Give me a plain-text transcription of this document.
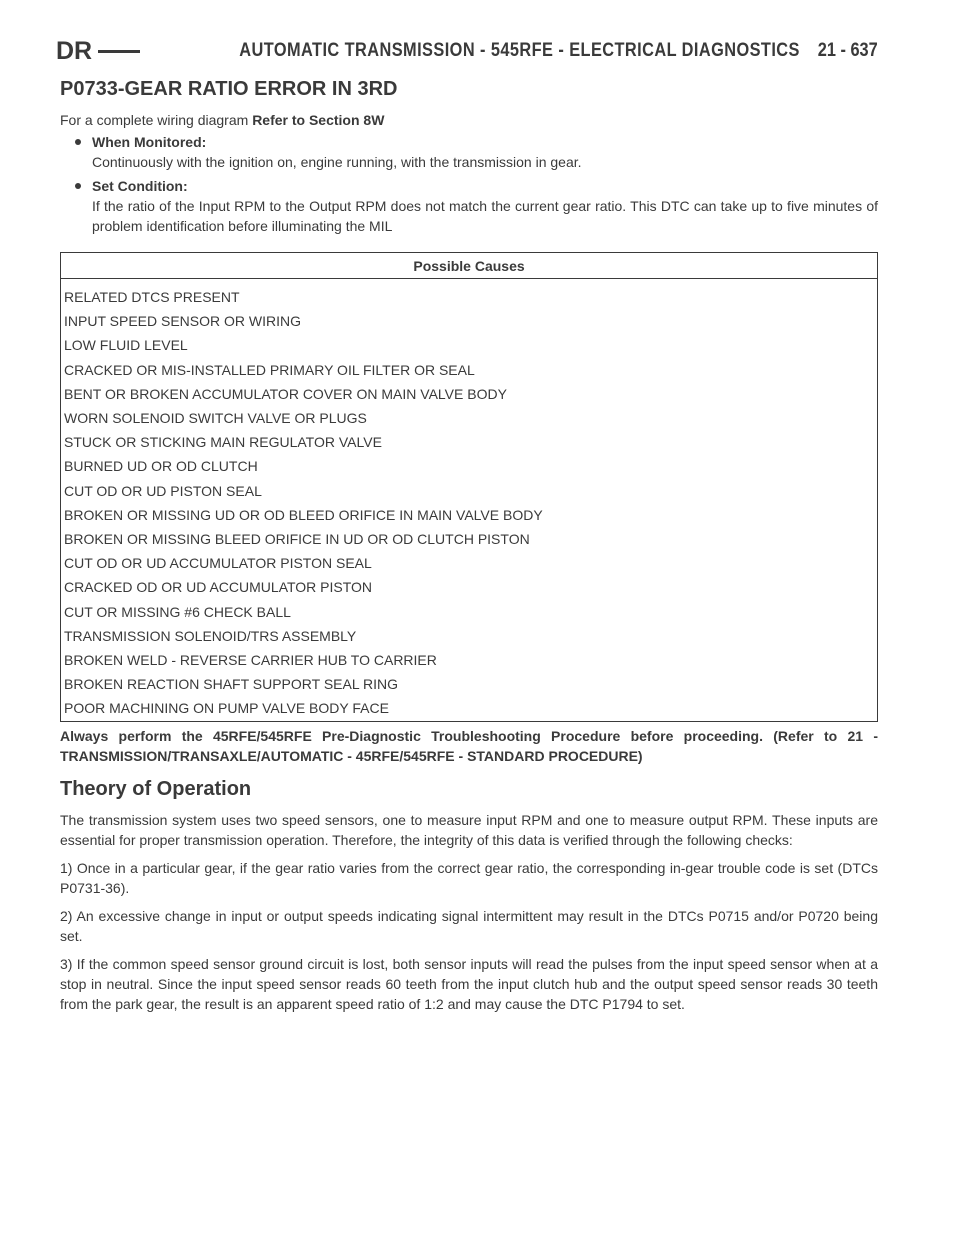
DR	AUTOMATIC TRANSMISSION - 545RFE - ELECTRICAL DIAGNOSTICS 21 - 637
P0733-GEAR RATIO ERROR IN 3RD

For a complete wiring diagram Refer to Section 8W

When Monitored:
Continuously with the ignition on, engine running, with the transmission in gear.
Set Condition:
If the ratio of the Input RPM to the Output RPM does not match the current gear ratio. This DTC can take up to five minutes of problem identification before illuminating the MIL
Possible Causes
RELATED DTCS PRESENT
INPUT SPEED SENSOR OR WIRING
LOW FLUID LEVEL
CRACKED OR MIS-INSTALLED PRIMARY OIL FILTER OR SEAL
BENT OR BROKEN ACCUMULATOR COVER ON MAIN VALVE BODY
WORN SOLENOID SWITCH VALVE OR PLUGS
STUCK OR STICKING MAIN REGULATOR VALVE
BURNED UD OR OD CLUTCH
CUT OD OR UD PISTON SEAL
BROKEN OR MISSING UD OR OD BLEED ORIFICE IN MAIN VALVE BODY
BROKEN OR MISSING BLEED ORIFICE IN UD OR OD CLUTCH PISTON
CUT OD OR UD ACCUMULATOR PISTON SEAL
CRACKED OD OR UD ACCUMULATOR PISTON
CUT OR MISSING #6 CHECK BALL
TRANSMISSION SOLENOID/TRS ASSEMBLY
BROKEN WELD - REVERSE CARRIER HUB TO CARRIER
BROKEN REACTION SHAFT SUPPORT SEAL RING
POOR MACHINING ON PUMP VALVE BODY FACE

Always perform the 45RFE/545RFE Pre-Diagnostic Troubleshooting Procedure before proceeding. (Refer to 21 - TRANSMISSION/TRANSAXLE/AUTOMATIC - 45RFE/545RFE - STANDARD PROCEDURE)

Theory of Operation

The transmission system uses two speed sensors, one to measure input RPM and one to measure output RPM. These inputs are essential for proper transmission operation. Therefore, the integrity of this data is verified through the following checks:

1) Once in a particular gear, if the gear ratio varies from the correct gear ratio, the corresponding in-gear trouble code is set (DTCs P0731-36).

2) An excessive change in input or output speeds indicating signal intermittent may result in the DTCs P0715 and/or P0720 being set.

3) If the common speed sensor ground circuit is lost, both sensor inputs will read the pulses from the input speed sensor when at a stop in neutral. Since the input speed sensor reads 60 teeth from the input clutch hub and the output speed sensor reads 30 teeth from the park gear, the result is an apparent speed ratio of 1:2 and may cause the DTC P1794 to set.
